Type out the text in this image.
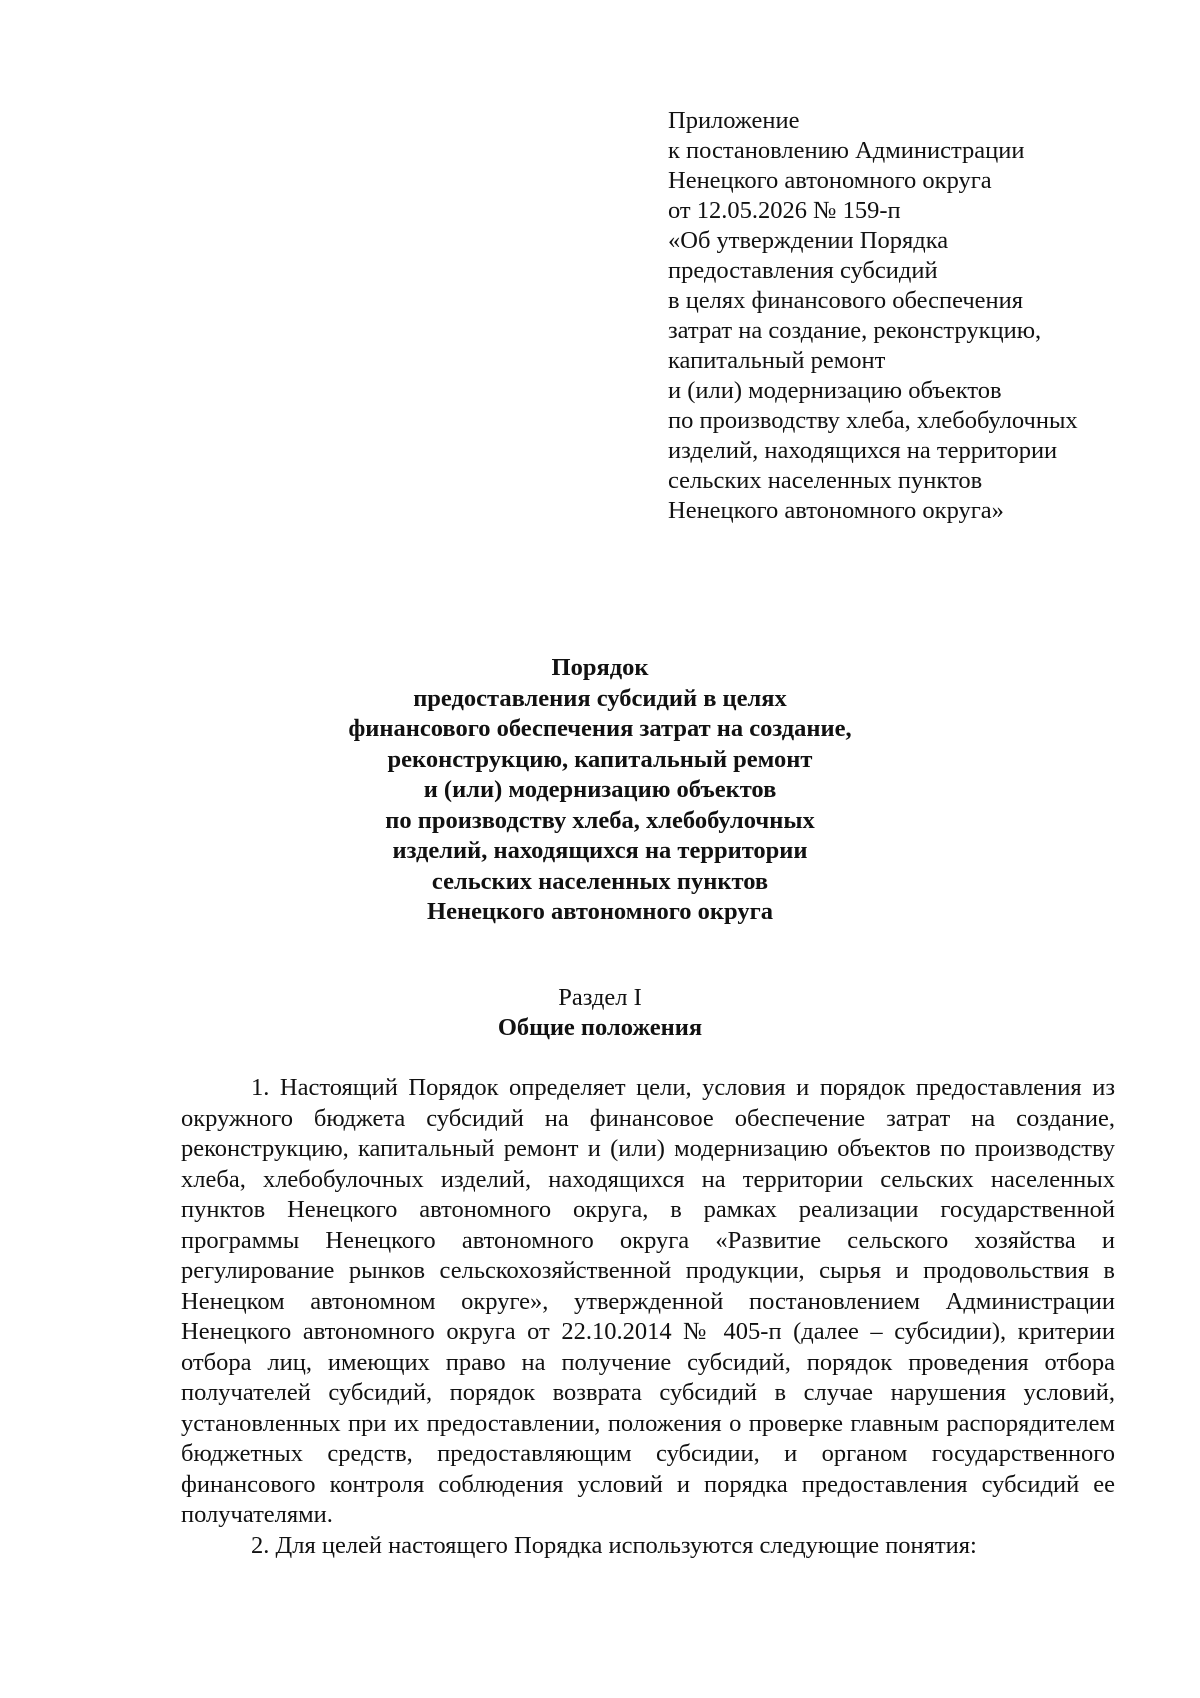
Приложение
к постановлению Администрации
Ненецкого автономного округа
от 12.05.2026 № 159-п
«Об утверждении Порядка
предоставления субсидий
в целях финансового обеспечения
затрат на создание, реконструкцию,
капитальный ремонт
и (или) модернизацию объектов
по производству хлеба, хлебобулочных
изделий, находящихся на территории
сельских населенных пунктов
Ненецкого автономного округа»
Порядок
предоставления субсидий в целях
финансового обеспечения затрат на создание,
реконструкцию, капитальный ремонт
и (или) модернизацию объектов
по производству хлеба, хлебобулочных
изделий, находящихся на территории
сельских населенных пунктов
Ненецкого автономного округа
Раздел I
Общие положения

1. Настоящий Порядок определяет цели, условия и порядок предоставления из окружного бюджета субсидий на финансовое обеспечение затрат на создание, реконструкцию, капитальный ремонт и (или) модернизацию объектов по производству хлеба, хлебобулочных изделий, находящихся на территории сельских населенных пунктов Ненецкого автономного округа, в рамках реализации государственной программы Ненецкого автономного округа «Развитие сельского хозяйства и регулирование рынков сельскохозяйственной продукции, сырья и продовольствия в Ненецком автономном округе», утвержденной постановлением Администрации Ненецкого автономного округа от 22.10.2014 № 405-п (далее – субсидии), критерии отбора лиц, имеющих право на получение субсидий, порядок проведения отбора получателей субсидий, порядок возврата субсидий в случае нарушения условий, установленных при их предоставлении, положения о проверке главным распорядителем бюджетных средств, предоставляющим субсидии, и органом государственного финансового контроля соблюдения условий и порядка предоставления субсидий ее получателями.

2. Для целей настоящего Порядка используются следующие понятия:
